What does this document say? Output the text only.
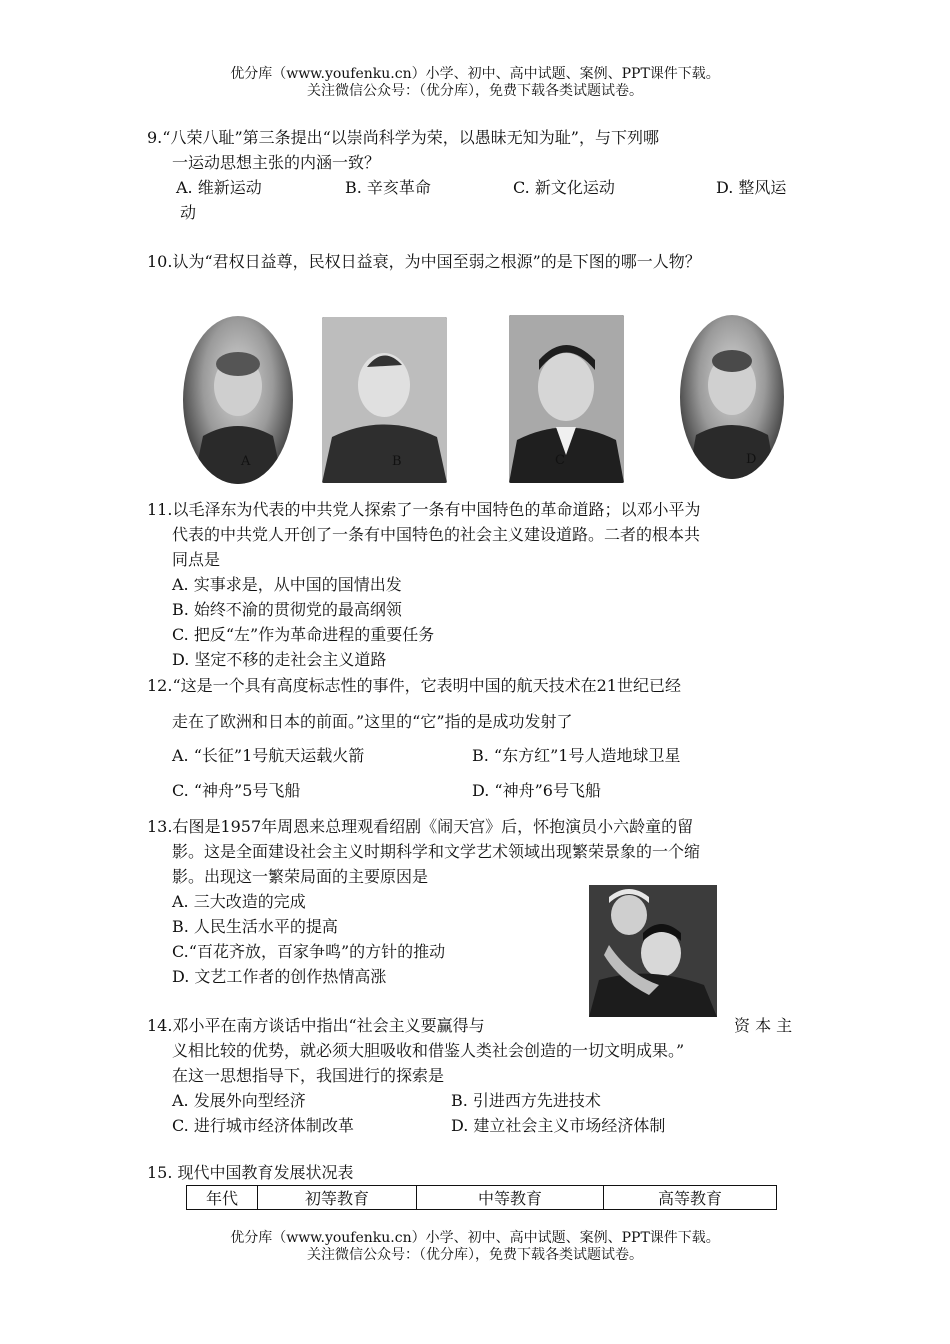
优分库（www.youfenku.cn）小学、初中、高中试题、案例、PPT课件下载。
关注微信公众号：（优分库），免费下载各类试题试卷。
9.“八荣八耻”第三条提出“以崇尚科学为荣，以愚昧无知为耻”，与下列哪
一运动思想主张的内涵一致？
A. 维新运动	B. 辛亥革命	C. 新文化运动	D. 整风运
动
10.认为“君权日益尊，民权日益衰，为中国至弱之根源”的是下图的哪一人物？
A	B	C	D
11.以毛泽东为代表的中共党人探索了一条有中国特色的革命道路；以邓小平为
代表的中共党人开创了一条有中国特色的社会主义建设道路。二者的根本共
同点是
A. 实事求是，从中国的国情出发
B. 始终不渝的贯彻党的最高纲领
C. 把反“左”作为革命进程的重要任务
D. 坚定不移的走社会主义道路
12.“这是一个具有高度标志性的事件，它表明中国的航天技术在21世纪已经
走在了欧洲和日本的前面。”这里的“它”指的是成功发射了
A. “长征”1号航天运载火箭	B. “东方红”1号人造地球卫星
C. “神舟”5号飞船	D. “神舟”6号飞船
13.右图是1957年周恩来总理观看绍剧《闹天宫》后，怀抱演员小六龄童的留
影。这是全面建设社会主义时期科学和文学艺术领域出现繁荣景象的一个缩
影。出现这一繁荣局面的主要原因是
A. 三大改造的完成
B. 人民生活水平的提高
C.“百花齐放，百家争鸣”的方针的推动
D. 文艺工作者的创作热情高涨
14.邓小平在南方谈话中指出“社会主义要赢得与	资 本 主
义相比较的优势，就必须大胆吸收和借鉴人类社会创造的一切文明成果。”
在这一思想指导下，我国进行的探索是
A. 发展外向型经济	B. 引进西方先进技术
C. 进行城市经济体制改革	D. 建立社会主义市场经济体制
15. 现代中国教育发展状况表
年代	初等教育	中等教育	高等教育
优分库（www.youfenku.cn）小学、初中、高中试题、案例、PPT课件下载。
关注微信公众号：（优分库），免费下载各类试题试卷。
